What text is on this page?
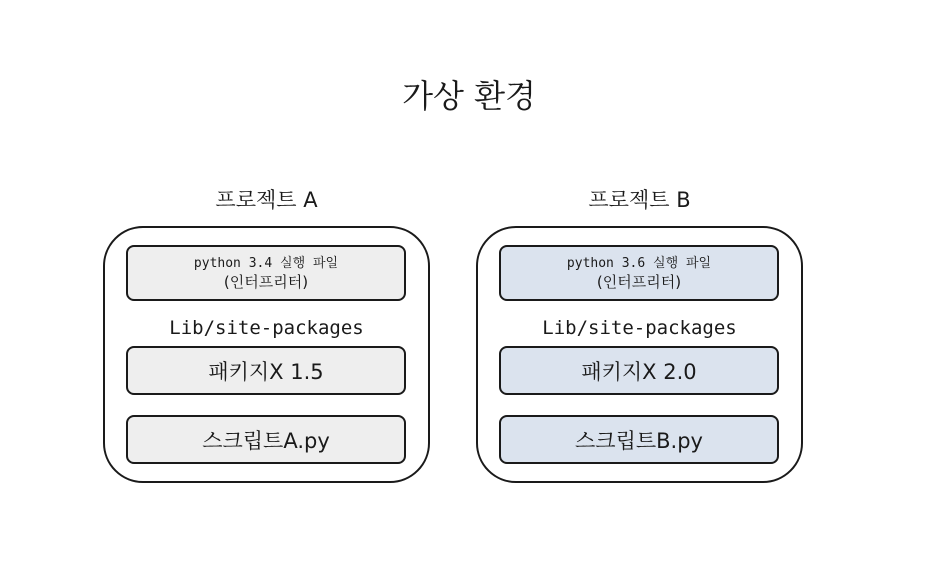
가상 환경
프로젝트 A
python 3.4 실행 파일
(인터프리터)
Lib/site-packages
패키지X 1.5
스크립트A.py
프로젝트 B
python 3.6 실행 파일
(인터프리터)
Lib/site-packages
패키지X 2.0
스크립트B.py
